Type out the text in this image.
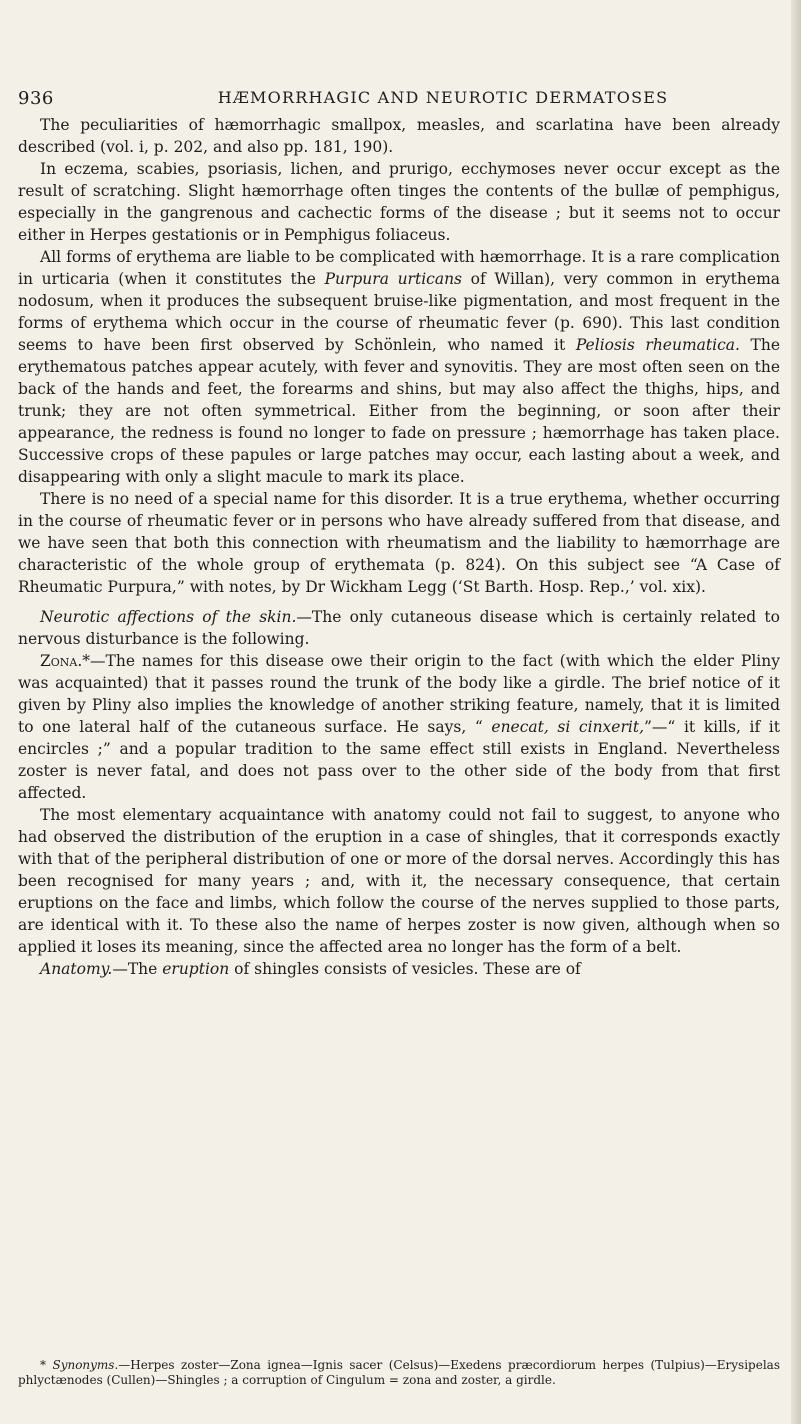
936	HÆMORRHAGIC AND NEUROTIC DERMATOSES

The peculiarities of hæmorrhagic smallpox, measles, and scarlatina have been already described (vol. i, p. 202, and also pp. 181, 190).

In eczema, scabies, psoriasis, lichen, and prurigo, ecchymoses never occur except as the result of scratching. Slight hæmorrhage often tinges the contents of the bullæ of pemphigus, especially in the gangrenous and cachectic forms of the disease ; but it seems not to occur either in Herpes gestationis or in Pemphigus foliaceus.

All forms of erythema are liable to be complicated with hæmorrhage. It is a rare complication in urticaria (when it constitutes the Purpura urticans of Willan), very common in erythema nodosum, when it produces the subsequent bruise-like pigmentation, and most frequent in the forms of erythema which occur in the course of rheumatic fever (p. 690). This last condition seems to have been first observed by Schönlein, who named it Peliosis rheumatica. The erythematous patches appear acutely, with fever and synovitis. They are most often seen on the back of the hands and feet, the forearms and shins, but may also affect the thighs, hips, and trunk; they are not often symmetrical. Either from the beginning, or soon after their appearance, the redness is found no longer to fade on pressure ; hæmorrhage has taken place. Successive crops of these papules or large patches may occur, each lasting about a week, and disappearing with only a slight macule to mark its place.

There is no need of a special name for this disorder. It is a true erythema, whether occurring in the course of rheumatic fever or in persons who have already suffered from that disease, and we have seen that both this connection with rheumatism and the liability to hæmorrhage are characteristic of the whole group of erythemata (p. 824). On this subject see “A Case of Rheumatic Purpura,” with notes, by Dr Wickham Legg (‘St Barth. Hosp. Rep.,’ vol. xix).

Neurotic affections of the skin.—The only cutaneous disease which is certainly related to nervous disturbance is the following.

Zona.*—The names for this disease owe their origin to the fact (with which the elder Pliny was acquainted) that it passes round the trunk of the body like a girdle. The brief notice of it given by Pliny also implies the knowledge of another striking feature, namely, that it is limited to one lateral half of the cutaneous surface. He says, “ enecat, si cinxerit,”—“ it kills, if it encircles ;” and a popular tradition to the same effect still exists in England. Nevertheless zoster is never fatal, and does not pass over to the other side of the body from that first affected.

The most elementary acquaintance with anatomy could not fail to suggest, to anyone who had observed the distribution of the eruption in a case of shingles, that it corresponds exactly with that of the peripheral distribution of one or more of the dorsal nerves. Accordingly this has been recognised for many years ; and, with it, the necessary consequence, that certain eruptions on the face and limbs, which follow the course of the nerves supplied to those parts, are identical with it. To these also the name of herpes zoster is now given, although when so applied it loses its meaning, since the affected area no longer has the form of a belt.

Anatomy.—The eruption of shingles consists of vesicles. These are of

* Synonyms.—Herpes zoster—Zona ignea—Ignis sacer (Celsus)—Exedens præcordiorum herpes (Tulpius)—Erysipelas phlyctænodes (Cullen)—Shingles ; a corruption of Cingulum = zona and zoster, a girdle.
